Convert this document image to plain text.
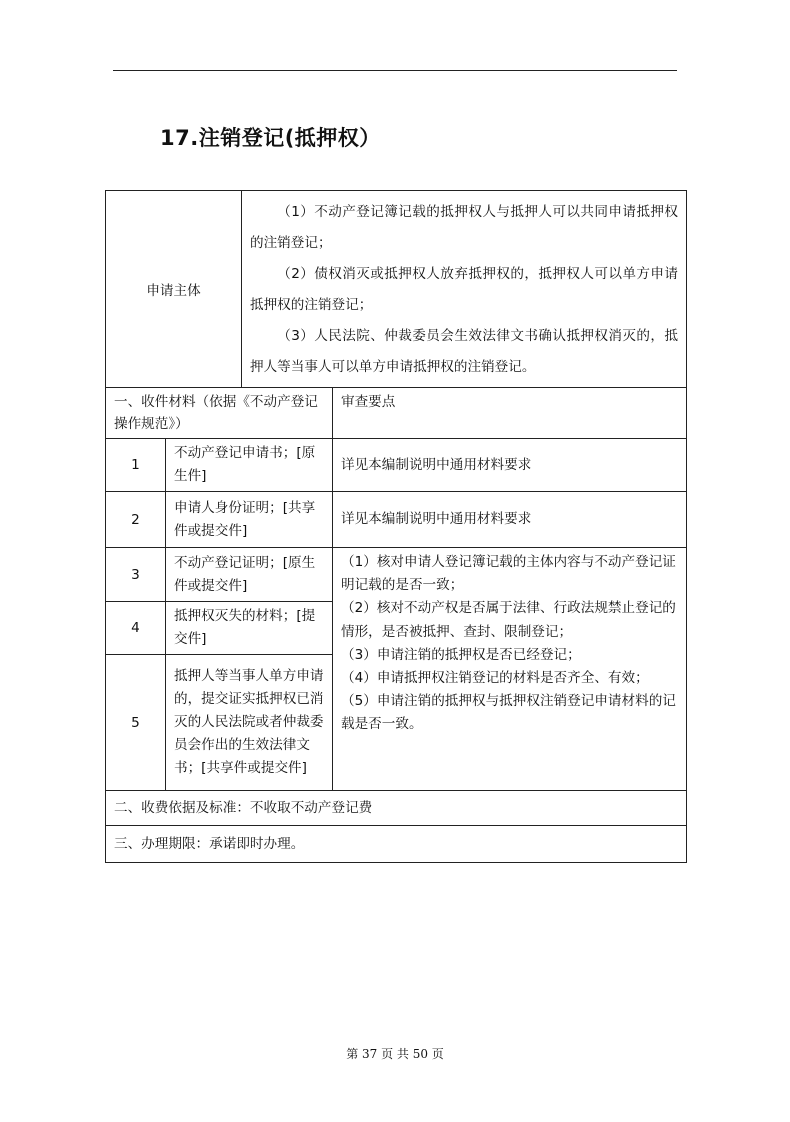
17.注销登记(抵押权）
申请主体		（1）不动产登记簿记载的抵押权人与抵押人可以共同申请抵押权的注销登记；
（2）债权消灭或抵押权人放弃抵押权的，抵押权人可以单方申请抵押权的注销登记；
（3）人民法院、仲裁委员会生效法律文书确认抵押权消灭的，抵押人等当事人可以单方申请抵押权的注销登记。	

一、收件材料（依据《不动产登记操作规范》）			审查要点
1	不动产登记申请书；[原生件]		详见本编制说明中通用材料要求
2	申请人身份证明；[共享件或提交件]		详见本编制说明中通用材料要求
3	不动产登记证明；[原生件或提交件]		（1）核对申请人登记簿记载的主体内容与不动产登记证明记载的是否一致；
（2）核对不动产权是否属于法律、行政法规禁止登记的情形，是否被抵押、查封、限制登记；
（3）申请注销的抵押权是否已经登记；
（4）申请抵押权注销登记的材料是否齐全、有效；
（5）申请注销的抵押权与抵押权注销登记申请材料的记载是否一致。

4	抵押权灭失的材料；[提交件]		
5	抵押人等当事人单方申请的，提交证实抵押权已消灭的人民法院或者仲裁委员会作出的生效法律文书；[共享件或提交件]		
二、收费依据及标准：不收取不动产登记费			
三、办理期限：承诺即时办理。			
第 37 页 共 50 页
